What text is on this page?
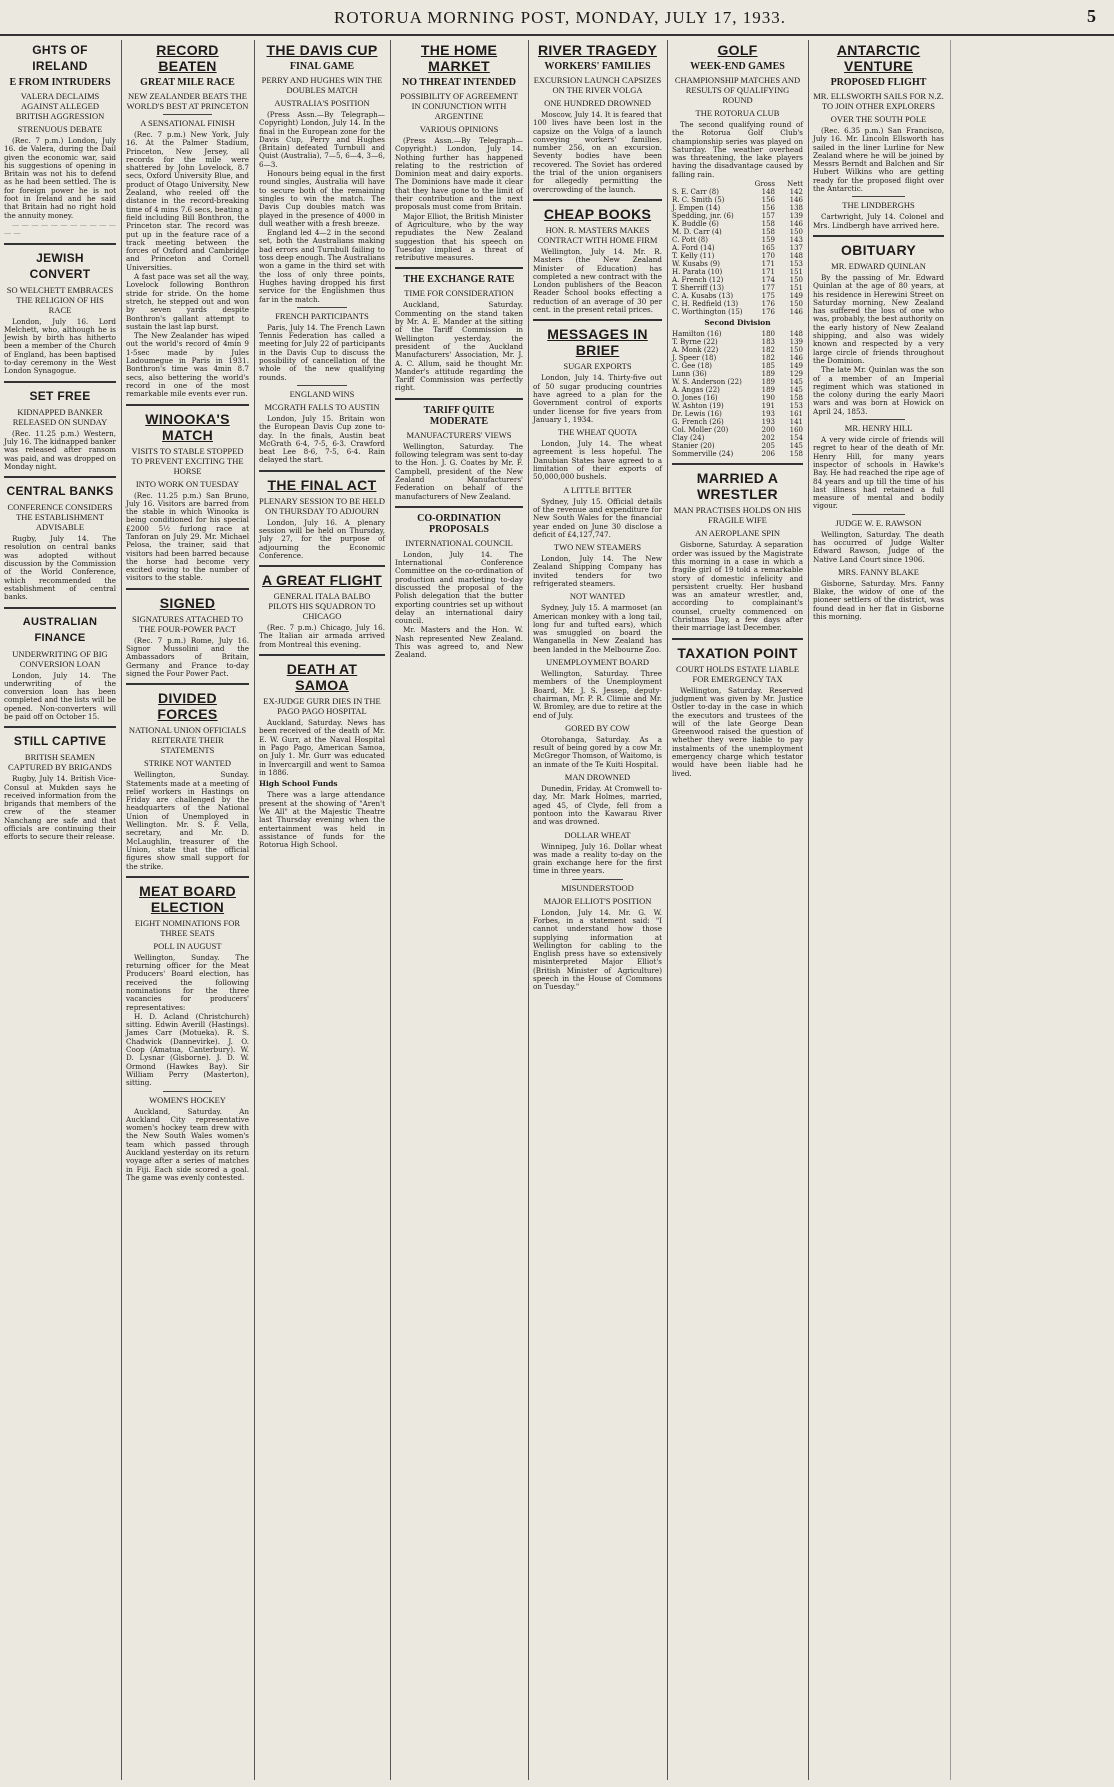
ROTORUA MORNING POST, MONDAY, JULY 17, 1933.	5
GHTS OF IRELAND
E FROM INTRUDERS
VALERA DECLAIMS AGAINST ALLEGED BRITISH AGGRESSION
STRENUOUS DEBATE

(Rec. 7 p.m.) London, July 16. de Valera, during the Dail given the economic war, said his suggestions of opening in Britain was not his to defend as he had been settled. The is for foreign power he is not foot in Ireland and he said that Britain had no right hold the annuity money.

— — — — — — — — — — — — —

JEWISH CONVERT
SO WELCHETT EMBRACES THE RELIGION OF HIS RACE

London, July 16. Lord Melchett, who, although he is Jewish by birth has hitherto been a member of the Church of England, has been baptised to-day ceremony in the West London Synagogue.

SET FREE
KIDNAPPED BANKER RELEASED ON SUNDAY

(Rec. 11.25 p.m.) Western, July 16. The kidnapped banker was released after ransom was paid, and was dropped on Monday night.

CENTRAL BANKS
CONFERENCE CONSIDERS THE ESTABLISHMENT ADVISABLE

Rugby, July 14. The resolution on central banks was adopted without discussion by the Commission of the World Conference, which recommended the establishment of central banks.

AUSTRALIAN FINANCE
UNDERWRITING OF BIG CONVERSION LOAN

London, July 14. The underwriting of the conversion loan has been completed and the lists will be opened. Non-converters will be paid off on October 15.

STILL CAPTIVE
BRITISH SEAMEN CAPTURED BY BRIGANDS

Rugby, July 14. British Vice-Consul at Mukden says he received information from the brigands that members of the crew of the steamer Nanchang are safe and that officials are continuing their efforts to secure their release.

RECORD BEATEN
GREAT MILE RACE
NEW ZEALANDER BEATS THE WORLD'S BEST AT PRINCETON
A SENSATIONAL FINISH

(Rec. 7 p.m.) New York, July 16. At the Palmer Stadium, Princeton, New Jersey, all records for the mile were shattered by John Lovelock, 8.7 secs, Oxford University Blue, and product of Otago University, New Zealand, who reeled off the distance in the record-breaking time of 4 mins 7.6 secs, beating a field including Bill Bonthron, the Princeton star. The record was put up in the feature race of a track meeting between the forces of Oxford and Cambridge and Princeton and Cornell Universities.

A fast pace was set all the way, Lovelock following Bonthron stride for stride. On the home stretch, he stepped out and won by seven yards despite Bonthron's gallant attempt to sustain the last lap burst.

The New Zealander has wiped out the world's record of 4min 9 1-5sec made by Jules Ladoumegue in Paris in 1931. Bonthron's time was 4min 8.7 secs, also bettering the world's record in one of the most remarkable mile events ever run.

WINOOKA'S MATCH
VISITS TO STABLE STOPPED TO PREVENT EXCITING THE HORSE
INTO WORK ON TUESDAY

(Rec. 11.25 p.m.) San Bruno, July 16. Visitors are barred from the stable in which Winooka is being conditioned for his special £2000 5½ furlong race at Tanforan on July 29. Mr. Michael Pelosa, the trainer, said that visitors had been barred because the horse had become very excited owing to the number of visitors to the stable.

SIGNED
SIGNATURES ATTACHED TO THE FOUR-POWER PACT

(Rec. 7 p.m.) Rome, July 16. Signor Mussolini and the Ambassadors of Britain, Germany and France to-day signed the Four Power Pact.

DIVIDED FORCES
NATIONAL UNION OFFICIALS REITERATE THEIR STATEMENTS
STRIKE NOT WANTED

Wellington, Sunday. Statements made at a meeting of relief workers in Hastings on Friday are challenged by the headquarters of the National Union of Unemployed in Wellington. Mr. S. F. Vella, secretary, and Mr. D. McLaughlin, treasurer of the Union, state that the official figures show small support for the strike.

MEAT BOARD ELECTION
EIGHT NOMINATIONS FOR THREE SEATS
POLL IN AUGUST

Wellington, Sunday. The returning officer for the Meat Producers' Board election, has received the following nominations for the three vacancies for producers' representatives:

H. D. Acland (Christchurch) sitting. Edwin Averill (Hastings). James Carr (Motueka). R. S. Chadwick (Dannevirke). J. O. Coop (Amatua, Canterbury). W. D. Lysnar (Gisborne). J. D. W. Ormond (Hawkes Bay). Sir William Perry (Masterton), sitting.

WOMEN'S HOCKEY

Auckland, Saturday. An Auckland City representative women's hockey team drew with the New South Wales women's team which passed through Auckland yesterday on its return voyage after a series of matches in Fiji. Each side scored a goal. The game was evenly contested.

THE DAVIS CUP
FINAL GAME
PERRY AND HUGHES WIN THE DOUBLES MATCH
AUSTRALIA'S POSITION

(Press Assn.—By Telegraph—Copyright) London, July 14. In the final in the European zone for the Davis Cup, Perry and Hughes (Britain) defeated Turnbull and Quist (Australia), 7—5, 6—4, 3—6, 6—3.

Honours being equal in the first round singles, Australia will have to secure both of the remaining singles to win the match. The Davis Cup doubles match was played in the presence of 4000 in dull weather with a fresh breeze.

England led 4—2 in the second set, both the Australians making bad errors and Turnbull failing to toss deep enough. The Australians won a game in the third set with the loss of only three points, Hughes having dropped his first service for the Englishmen thus far in the match.

FRENCH PARTICIPANTS

Paris, July 14. The French Lawn Tennis Federation has called a meeting for July 22 of participants in the Davis Cup to discuss the possibility of cancellation of the whole of the new qualifying rounds.

ENGLAND WINS
MCGRATH FALLS TO AUSTIN

London, July 15. Britain won the European Davis Cup zone to-day. In the finals, Austin beat McGrath 6-4, 7-5, 6-3. Crawford beat Lee 8-6, 7-5, 6-4. Rain delayed the start.

THE FINAL ACT
PLENARY SESSION TO BE HELD ON THURSDAY TO ADJOURN

London, July 16. A plenary session will be held on Thursday, July 27, for the purpose of adjourning the Economic Conference.

A GREAT FLIGHT
GENERAL ITALA BALBO PILOTS HIS SQUADRON TO CHICAGO

(Rec. 7 p.m.) Chicago, July 16. The Italian air armada arrived from Montreal this evening.

DEATH AT SAMOA
EX-JUDGE GURR DIES IN THE PAGO PAGO HOSPITAL

Auckland, Saturday. News has been received of the death of Mr. E. W. Gurr, at the Naval Hospital in Pago Pago, American Samoa, on July 1. Mr. Gurr was educated in Invercargill and went to Samoa in 1886.

High School Funds

There was a large attendance present at the showing of "Aren't We All" at the Majestic Theatre last Thursday evening when the entertainment was held in assistance of funds for the Rotorua High School.

THE HOME MARKET
NO THREAT INTENDED
POSSIBILITY OF AGREEMENT IN CONJUNCTION WITH ARGENTINE
VARIOUS OPINIONS

(Press Assn.—By Telegraph—Copyright.) London, July 14. Nothing further has happened relating to the restriction of Dominion meat and dairy exports. The Dominions have made it clear that they have gone to the limit of their contribution and the next proposals must come from Britain.

Major Elliot, the British Minister of Agriculture, who by the way repudiates the New Zealand suggestion that his speech on Tuesday implied a threat of retributive measures.

THE EXCHANGE RATE
TIME FOR CONSIDERATION

Auckland, Saturday. Commenting on the stand taken by Mr. A. E. Mander at the sitting of the Tariff Commission in Wellington yesterday, the president of the Auckland Manufacturers' Association, Mr. J. A. C. Allum, said he thought Mr. Mander's attitude regarding the Tariff Commission was perfectly right.

TARIFF QUITE MODERATE
MANUFACTURERS' VIEWS

Wellington, Saturday. The following telegram was sent to-day to the Hon. J. G. Coates by Mr. F. Campbell, president of the New Zealand Manufacturers' Federation on behalf of the manufacturers of New Zealand.

CO-ORDINATION PROPOSALS
INTERNATIONAL COUNCIL

London, July 14. The International Conference Committee on the co-ordination of production and marketing to-day discussed the proposal of the Polish delegation that the butter exporting countries set up without delay an international dairy council.

Mr. Masters and the Hon. W. Nash represented New Zealand. This was agreed to, and New Zealand.

RIVER TRAGEDY
WORKERS' FAMILIES
EXCURSION LAUNCH CAPSIZES ON THE RIVER VOLGA
ONE HUNDRED DROWNED

Moscow, July 14. It is feared that 100 lives have been lost in the capsize on the Volga of a launch conveying workers' families, number 256, on an excursion. Seventy bodies have been recovered. The Soviet has ordered the trial of the union organisers for allegedly permitting the overcrowding of the launch.

CHEAP BOOKS
HON. R. MASTERS MAKES CONTRACT WITH HOME FIRM

Wellington, July 14. Mr. R. Masters (the New Zealand Minister of Education) has completed a new contract with the London publishers of the Beacon Reader School books effecting a reduction of an average of 30 per cent. in the present retail prices.

MESSAGES IN BRIEF
SUGAR EXPORTS

London, July 14. Thirty-five out of 50 sugar producing countries have agreed to a plan for the Government control of exports under license for five years from January 1, 1934.

THE WHEAT QUOTA

London, July 14. The wheat agreement is less hopeful. The Danubian States have agreed to a limitation of their exports of 50,000,000 bushels.

A LITTLE BITTER

Sydney, July 15. Official details of the revenue and expenditure for New South Wales for the financial year ended on June 30 disclose a deficit of £4,127,747.

TWO NEW STEAMERS

London, July 14. The New Zealand Shipping Company has invited tenders for two refrigerated steamers.

NOT WANTED

Sydney, July 15. A marmoset (an American monkey with a long tail, long fur and tufted ears), which was smuggled on board the Wanganella in New Zealand has been landed in the Melbourne Zoo.

UNEMPLOYMENT BOARD

Wellington, Saturday. Three members of the Unemployment Board, Mr. J. S. Jessep, deputy-chairman, Mr. P. R. Climie and Mr. W. Bromley, are due to retire at the end of July.

GORED BY COW

Otorohanga, Saturday. As a result of being gored by a cow Mr. McGregor Thomson, of Waitomo, is an inmate of the Te Kuiti Hospital.

MAN DROWNED

Dunedin, Friday. At Cromwell to-day, Mr. Mark Holmes, married, aged 45, of Clyde, fell from a pontoon into the Kawarau River and was drowned.

DOLLAR WHEAT

Winnipeg, July 16. Dollar wheat was made a reality to-day on the grain exchange here for the first time in three years.

MISUNDERSTOOD
MAJOR ELLIOT'S POSITION

London, July 14. Mr. G. W. Forbes, in a statement said: "I cannot understand how those supplying information at Wellington for cabling to the English press have so extensively misinterpreted Major Elliot's (British Minister of Agriculture) speech in the House of Commons on Tuesday."

GOLF
WEEK-END GAMES
CHAMPIONSHIP MATCHES AND RESULTS OF QUALIFYING ROUND
THE ROTORUA CLUB

The second qualifying round of the Rotorua Golf Club's championship series was played on Saturday. The weather overhead was threatening, the lake players having the disadvantage caused by falling rain.

	Gross	Nett
S. E. Carr (8)	148	142
R. C. Smith (5)	156	146
J. Empen (14)	156	138
Spedding, jnr. (6)	157	139
K. Buddle (6)	158	146
M. D. Carr (4)	158	150
C. Pott (8)	159	143
A. Ford (14)	165	137
T. Kelly (11)	170	148
W. Kusabs (9)	171	153
H. Parata (10)	171	151
A. French (12)	174	150
T. Sherriff (13)	177	151
C. A. Kusabs (13)	175	149
C. H. Redfield (13)	176	150
C. Worthington (15)	176	146
Second Division
Hamilton (16)	180	148
T. Byrne (22)	183	139
A. Monk (22)	182	150
J. Speer (18)	182	146
C. Gee (18)	185	149
Lunn (36)	189	129
W. S. Anderson (22)	189	145
A. Angas (22)	189	145
O. Jones (16)	190	158
W. Ashton (19)	191	153
Dr. Lewis (16)	193	161
G. French (26)	193	141
Col. Moller (20)	200	160
Clay (24)	202	154
Stanier (20)	205	145
Sommerville (24)	206	158
MARRIED A WRESTLER
MAN PRACTISES HOLDS ON HIS FRAGILE WIFE
AN AEROPLANE SPIN

Gisborne, Saturday. A separation order was issued by the Magistrate this morning in a case in which a fragile girl of 19 told a remarkable story of domestic infelicity and persistent cruelty. Her husband was an amateur wrestler, and, according to complainant's counsel, cruelty commenced on Christmas Day, a few days after their marriage last December.

TAXATION POINT
COURT HOLDS ESTATE LIABLE FOR EMERGENCY TAX

Wellington, Saturday. Reserved judgment was given by Mr. Justice Ostler to-day in the case in which the executors and trustees of the will of the late George Dean Greenwood raised the question of whether they were liable to pay instalments of the unemployment emergency charge which testator would have been liable had he lived.

ANTARCTIC VENTURE
PROPOSED FLIGHT
MR. ELLSWORTH SAILS FOR N.Z. TO JOIN OTHER EXPLORERS
OVER THE SOUTH POLE

(Rec. 6.35 p.m.) San Francisco, July 16. Mr. Lincoln Ellsworth has sailed in the liner Lurline for New Zealand where he will be joined by Messrs Berndt and Balchen and Sir Hubert Wilkins who are getting ready for the proposed flight over the Antarctic.

THE LINDBERGHS

Cartwright, July 14. Colonel and Mrs. Lindbergh have arrived here.

OBITUARY
MR. EDWARD QUINLAN

By the passing of Mr. Edward Quinlan at the age of 80 years, at his residence in Herewini Street on Saturday morning, New Zealand has suffered the loss of one who was, probably, the best authority on the early history of New Zealand shipping, and also was widely known and respected by a very large circle of friends throughout the Dominion.

The late Mr. Quinlan was the son of a member of an Imperial regiment which was stationed in the colony during the early Maori wars and was born at Howick on April 24, 1853.

MR. HENRY HILL

A very wide circle of friends will regret to hear of the death of Mr. Henry Hill, for many years inspector of schools in Hawke's Bay. He had reached the ripe age of 84 years and up till the time of his last illness had retained a full measure of mental and bodily vigour.

JUDGE W. E. RAWSON

Wellington, Saturday. The death has occurred of Judge Walter Edward Rawson, Judge of the Native Land Court since 1906.

MRS. FANNY BLAKE

Gisborne, Saturday. Mrs. Fanny Blake, the widow of one of the pioneer settlers of the district, was found dead in her flat in Gisborne this morning.
